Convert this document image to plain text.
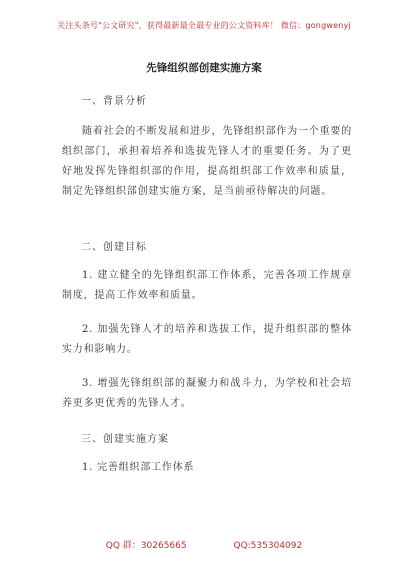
关注头条号"公文研究"，获得最新最全最专业的公文资料库！ 微信：gongwenyj
先锋组织部创建实施方案
一、背景分析

随着社会的不断发展和进步，先锋组织部作为一个重要的组织部门，承担着培养和选拔先锋人才的重要任务。为了更好地发挥先锋组织部的作用，提高组织部工作效率和质量，制定先锋组织部创建实施方案，是当前亟待解决的问题。

二、创建目标

1. 建立健全的先锋组织部工作体系，完善各项工作规章制度，提高工作效率和质量。

2. 加强先锋人才的培养和选拔工作，提升组织部的整体实力和影响力。

3. 增强先锋组织部的凝聚力和战斗力，为学校和社会培养更多更优秀的先锋人才。

三、创建实施方案

1. 完善组织部工作体系

QQ 群：30265665	QQ:535304092
